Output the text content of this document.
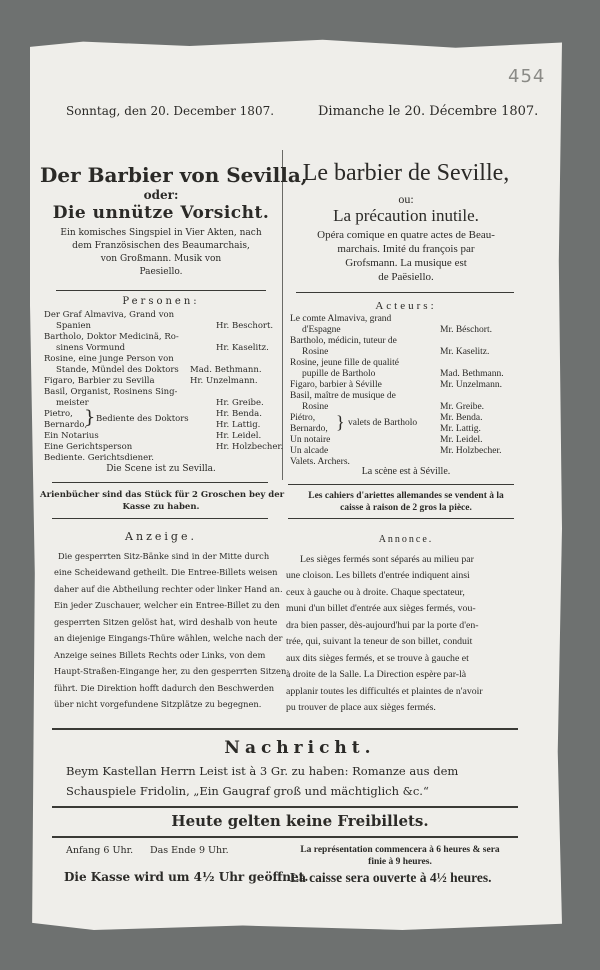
454
Sonntag, den 20. December 1807.	Dimanche le 20. Décembre 1807.
Der Barbier von Sevilla,
oder:
Die unnütze Vorsicht.
Ein komisches Singspiel in Vier Akten, nach
dem Französischen des Beaumarchais,
von Großmann. Musik von
Paesiello.
Le barbier de Seville,
ou:
La précaution inutile.
Opéra comique en quatre actes de Beau-
marchais. Imité du françois par
Grofsmann. La musique est
de Paësiello.
Personen:	Acteurs:
Der Graf Almaviva, Grand von
Spanien	Hr. Beschort.
Bartholo, Doktor Medicinä, Ro-
sinens Vormund	Hr. Kaselitz.
Rosine, eine junge Person von
Stande, Mündel des Doktors Mad. Bethmann.
Figaro, Barbier zu Sevilla	Hr. Unzelmann.
Basil, Organist, Rosinens Sing-
meister	Hr. Greibe.
Pietro,	Hr. Benda.
Bernardo,	Hr. Lattig.
Ein Notarius	Hr. Leidel.
Eine Gerichtsperson	Hr. Holzbecher.
Bediente. Gerichtsdiener.
} Bediente des Doktors
Die Scene ist zu Sevilla.
Le comte Almaviva, grand
d'Espagne	Mr. Béschort.
Bartholo, médicin, tuteur de
Rosine	Mr. Kaselitz.
Rosine, jeune fille de qualité
pupille de Bartholo	Mad. Bethmann.
Figaro, barbier à Séville	Mr. Unzelmann.
Basil, maître de musique de
Rosine	Mr. Greibe.
Piétro,	Mr. Benda.
Bernardo,	Mr. Lattig.
Un notaire	Mr. Leidel.
Un alcade	Mr. Holzbecher.
Valets. Archers.
} valets de Bartholo
La scène est à Séville.
Arienbücher sind das Stück für 2 Groschen bey der
Kasse zu haben.
Les cahiers d'ariettes allemandes se vendent à la
caisse à raison de 2 gros la pièce.
Anzeige.	Annonce.
Die gesperrten Sitz-Bänke sind in der Mitte durch
eine Scheidewand getheilt. Die Entree-Billets weisen
daher auf die Abtheilung rechter oder linker Hand an.
Ein jeder Zuschauer, welcher ein Entree-Billet zu den
gesperrten Sitzen gelöst hat, wird deshalb von heute
an diejenige Eingangs-Thüre wählen, welche nach der
Anzeige seines Billets Rechts oder Links, von dem
Haupt-Straßen-Eingange her, zu den gesperrten Sitzen
führt. Die Direktion hofft dadurch den Beschwerden
über nicht vorgefundene Sitzplätze zu begegnen.
Les sièges fermés sont séparés au milieu par
une cloison. Les billets d'entrée indiquent ainsi
ceux à gauche ou à droite. Chaque spectateur,
muni d'un billet d'entrée aux sièges fermés, vou-
dra bien passer, dès-aujourd'hui par la porte d'en-
trée, qui, suivant la teneur de son billet, conduit
aux dits sièges fermés, et se trouve à gauche et
à droite de la Salle. La Direction espère par-là
applanir toutes les difficultés et plaintes de n'avoir
pu trouver de place aux sièges fermés.
Nachricht.
Beym Kastellan Herrn Leist ist à 3 Gr. zu haben: Romanze aus dem
Schauspiele Fridolin, „Ein Gaugraf groß und mächtiglich &c.“
Heute gelten keine Freibillets.
Anfang 6 Uhr. Das Ende 9 Uhr.	La représentation commencera à 6 heures & sera
finie à 9 heures.
Die Kasse wird um 4½ Uhr geöffnet.
La caisse sera ouverte à 4½ heures.
